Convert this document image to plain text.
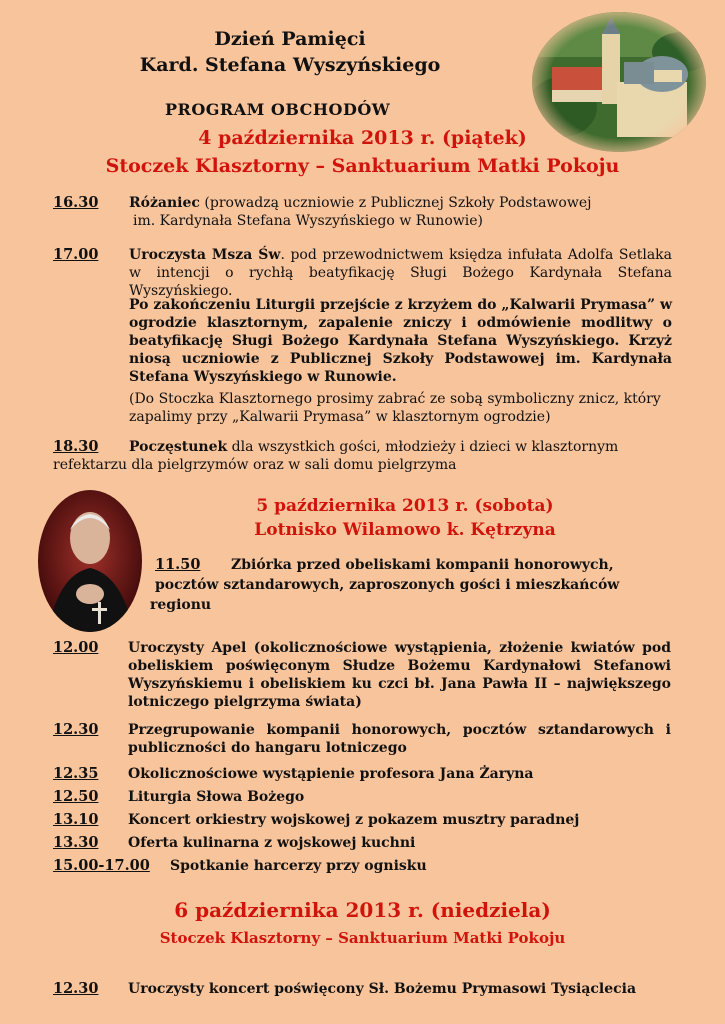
Dzień Pamięci
Kard. Stefana Wyszyńskiego
PROGRAM OBCHODÓW
4 października 2013 r. (piątek)
Stoczek Klasztorny – Sanktuarium Matki Pokoju
16.30 Różaniec (prowadzą uczniowie z Publicznej Szkoły Podstawowej
im. Kardynała Stefana Wyszyńskiego w Runowie)
17.00 Uroczysta Msza Św. pod przewodnictwem księdza infułata Adolfa Setlaka w intencji o rychłą beatyfikację Sługi Bożego Kardynała Stefana Wyszyńskiego.
Po zakończeniu Liturgii przejście z krzyżem do „Kalwarii Prymasa” w ogrodzie klasztornym, zapalenie zniczy i odmówienie modlitwy o beatyfikację Sługi Bożego Kardynała Stefana Wyszyńskiego. Krzyż niosą uczniowie z Publicznej Szkoły Podstawowej im. Kardynała Stefana Wyszyńskiego w Runowie.
(Do Stoczka Klasztornego prosimy zabrać ze sobą symboliczny znicz, który zapalimy przy „Kalwarii Prymasa” w klasztornym ogrodzie)
18.30 Poczęstunek dla wszystkich gości, młodzieży i dzieci w klasztornym
refektarzu dla pielgrzymów oraz w sali domu pielgrzyma
5 października 2013 r. (sobota)
Lotnisko Wilamowo k. Kętrzyna
11.50 Zbiórka przed obeliskami kompanii honorowych,
pocztów sztandarowych, zaproszonych gości i mieszkańców
regionu
12.00 Uroczysty Apel (okolicznościowe wystąpienia, złożenie kwiatów pod obeliskiem poświęconym Słudze Bożemu Kardynałowi Stefanowi Wyszyńskiemu i obeliskiem ku czci bł. Jana Pawła II – największego lotniczego pielgrzyma świata)
12.30 Przegrupowanie kompanii honorowych, pocztów sztandarowych i publiczności do hangaru lotniczego
12.35 Okolicznościowe wystąpienie profesora Jana Żaryna
12.50 Liturgia Słowa Bożego
13.10 Koncert orkiestry wojskowej z pokazem musztry paradnej
13.30 Oferta kulinarna z wojskowej kuchni
15.00-17.00 Spotkanie harcerzy przy ognisku
6 października 2013 r. (niedziela)
Stoczek Klasztorny – Sanktuarium Matki Pokoju
12.30 Uroczysty koncert poświęcony Sł. Bożemu Prymasowi Tysiąclecia
